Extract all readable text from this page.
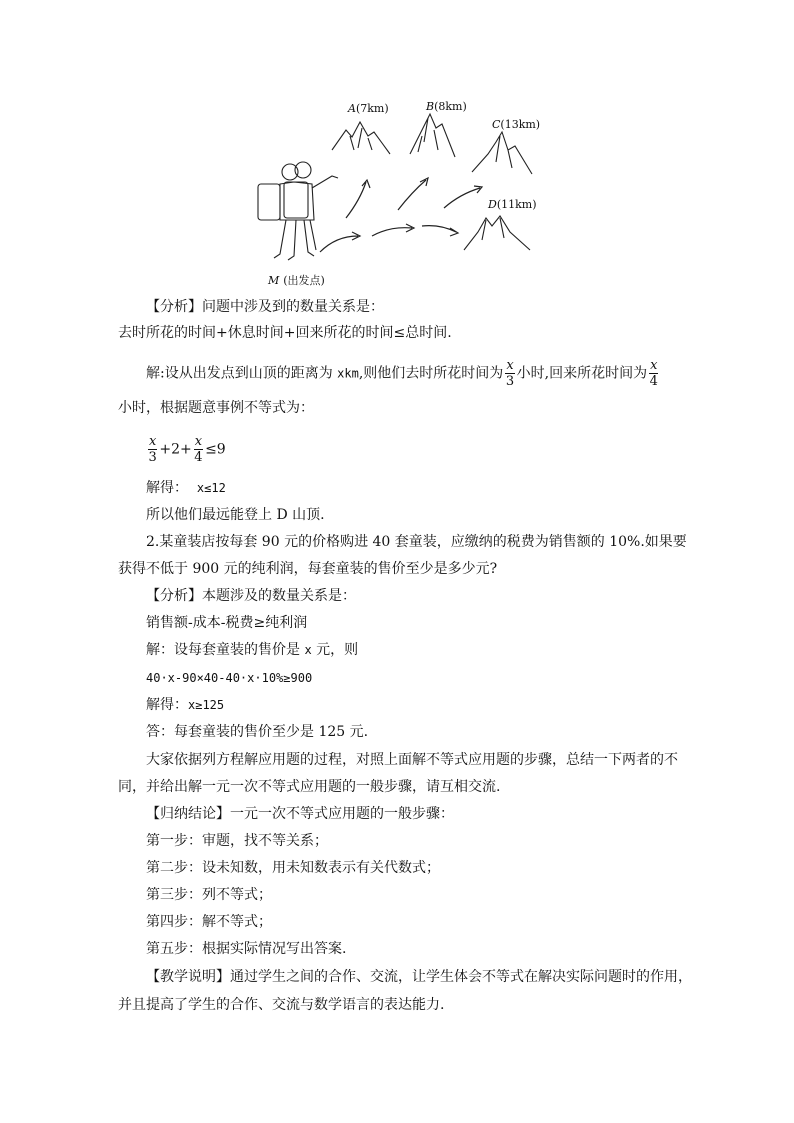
A(7km)	B(8km)
C(13km)
D(11km)
M (出发点)
【分析】问题中涉及到的数量关系是：
去时所花的时间+休息时间+回来所花的时间≤总时间.
解:设从出发点到山顶的距离为 xkm,则他们去时所花时间为 $\frac{x}{3}$ 小时,回来所花时间为 $\frac{x}{4}$
小时，根据题意事例不等式为：
$\frac{x}{3} +2+ \frac{x}{4} \le 9$
解得： x≤12
所以他们最远能登上 D 山顶.
2.某童装店按每套 90 元的价格购进 40 套童装，应缴纳的税费为销售额的 10%.如果要
获得不低于 900 元的纯利润，每套童装的售价至少是多少元?
【分析】本题涉及的数量关系是：
销售额-成本-税费≥纯利润
解：设每套童装的售价是 x 元，则
40·x-90×40-40·x·10%≥900
解得：x≥125
答：每套童装的售价至少是 125 元.
大家依据列方程解应用题的过程，对照上面解不等式应用题的步骤，总结一下两者的不
同，并给出解一元一次不等式应用题的一般步骤，请互相交流.
【归纳结论】一元一次不等式应用题的一般步骤：
第一步：审题，找不等关系；
第二步：设未知数，用未知数表示有关代数式；
第三步：列不等式；
第四步：解不等式；
第五步：根据实际情况写出答案.
【教学说明】通过学生之间的合作、交流，让学生体会不等式在解决实际问题时的作用，
并且提高了学生的合作、交流与数学语言的表达能力.
